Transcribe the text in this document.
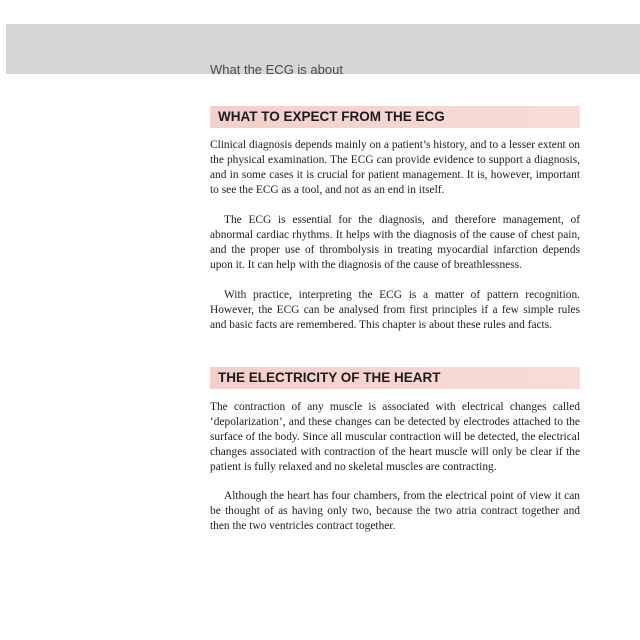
What the ECG is about
WHAT TO EXPECT FROM THE ECG

Clinical diagnosis depends mainly on a patient’s history, and to a lesser extent on the physical examination. The ECG can provide evidence to support a diagnosis, and in some cases it is crucial for patient management. It is, however, important to see the ECG as a tool, and not as an end in itself.

The ECG is essential for the diagnosis, and therefore management, of abnormal cardiac rhythms. It helps with the diagnosis of the cause of chest pain, and the proper use of thrombolysis in treating myocardial infarction depends upon it. It can help with the diagnosis of the cause of breathlessness.

With practice, interpreting the ECG is a matter of pattern recognition. However, the ECG can be analysed from first principles if a few simple rules and basic facts are remembered. This chapter is about these rules and facts.

THE ELECTRICITY OF THE HEART

The contraction of any muscle is associated with electrical changes called ‘depolarization’, and these changes can be detected by electrodes attached to the surface of the body. Since all muscular contraction will be detected, the electrical changes associated with contraction of the heart muscle will only be clear if the patient is fully relaxed and no skeletal muscles are contracting.

Although the heart has four chambers, from the electrical point of view it can be thought of as having only two, because the two atria contract together and then the two ventricles contract together.
